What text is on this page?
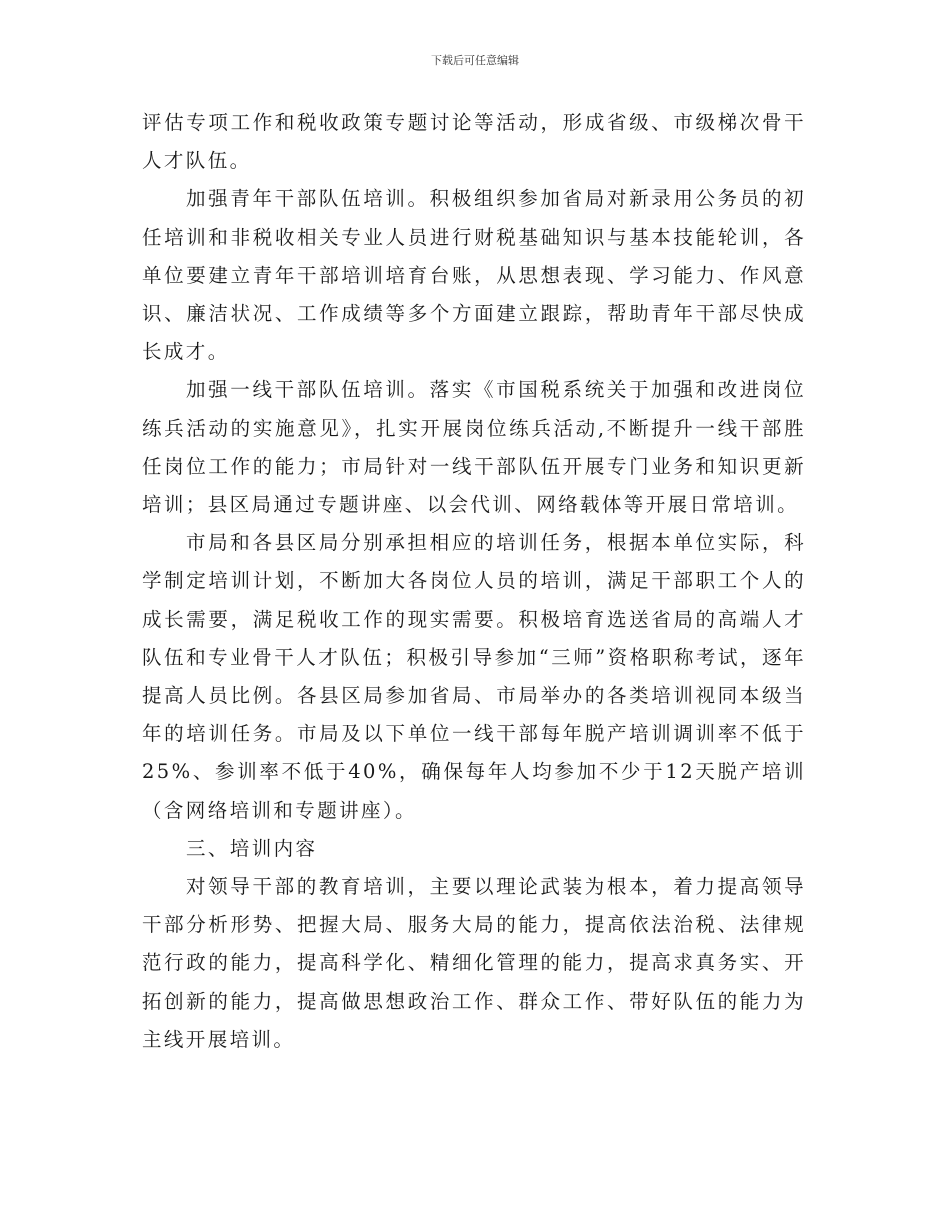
下载后可任意编辑

评估专项工作和税收政策专题讨论等活动，形成省级、市级梯次骨干人才队伍。

加强青年干部队伍培训。积极组织参加省局对新录用公务员的初任培训和非税收相关专业人员进行财税基础知识与基本技能轮训，各单位要建立青年干部培训培育台账，从思想表现、学习能力、作风意识、廉洁状况、工作成绩等多个方面建立跟踪，帮助青年干部尽快成长成才。

加强一线干部队伍培训。落实《市国税系统关于加强和改进岗位练兵活动的实施意见》，扎实开展岗位练兵活动,不断提升一线干部胜任岗位工作的能力；市局针对一线干部队伍开展专门业务和知识更新培训；县区局通过专题讲座、以会代训、网络载体等开展日常培训。

市局和各县区局分别承担相应的培训任务，根据本单位实际，科学制定培训计划，不断加大各岗位人员的培训，满足干部职工个人的成长需要，满足税收工作的现实需要。积极培育选送省局的高端人才队伍和专业骨干人才队伍；积极引导参加“三师”资格职称考试，逐年提高人员比例。各县区局参加省局、市局举办的各类培训视同本级当年的培训任务。市局及以下单位一线干部每年脱产培训调训率不低于25%、参训率不低于40%，确保每年人均参加不少于12天脱产培训（含网络培训和专题讲座）。

三、培训内容

对领导干部的教育培训，主要以理论武装为根本，着力提高领导干部分析形势、把握大局、服务大局的能力，提高依法治税、法律规范行政的能力，提高科学化、精细化管理的能力，提高求真务实、开拓创新的能力，提高做思想政治工作、群众工作、带好队伍的能力为主线开展培训。
